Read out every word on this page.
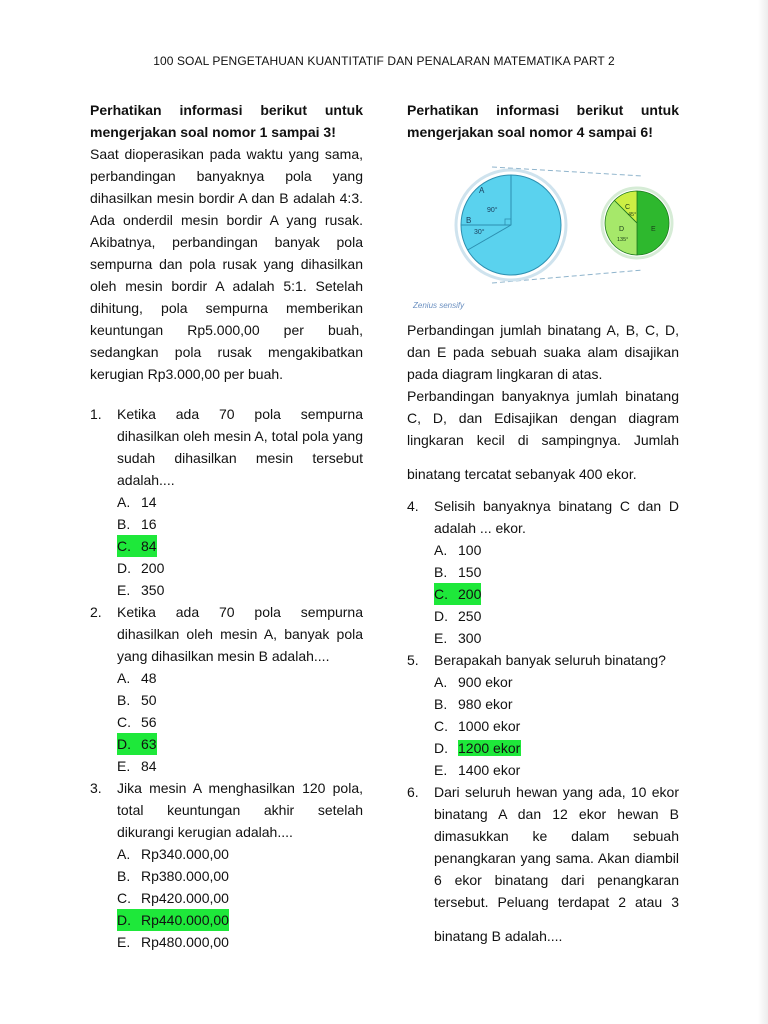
100 SOAL PENGETAHUAN KUANTITATIF DAN PENALARAN MATEMATIKA PART 2
Perhatikan informasi berikut untuk mengerjakan soal nomor 1 sampai 3!
Saat dioperasikan pada waktu yang sama, perbandingan banyaknya pola yang dihasilkan mesin bordir A dan B adalah 4:3. Ada onderdil mesin bordir A yang rusak. Akibatnya, perbandingan banyak pola sempurna dan pola rusak yang dihasilkan oleh mesin bordir A adalah 5:1. Setelah dihitung, pola sempurna memberikan keuntungan Rp5.000,00 per buah, sedangkan pola rusak mengakibatkan kerugian Rp3.000,00 per buah.
1.	Ketika ada 70 pola sempurna dihasilkan oleh mesin A, total pola yang sudah dihasilkan mesin tersebut adalah....
A. 14
B. 16
C. 84
D. 200
E. 350
2.	Ketika ada 70 pola sempurna dihasilkan oleh mesin A, banyak pola yang dihasilkan mesin B adalah....
A. 48
B. 50
C. 56
D. 63
E. 84
3.	Jika mesin A menghasilkan 120 pola, total keuntungan akhir setelah dikurangi kerugian adalah....
A. Rp340.000,00
B. Rp380.000,00
C. Rp420.000,00
D. Rp440.000,00
E. Rp480.000,00
Perhatikan informasi berikut untuk mengerjakan soal nomor 4 sampai 6!
A
B
90°
30°
C
D	E
45°
135°
Zenius sensify
Perbandingan jumlah binatang A, B, C, D, dan E pada sebuah suaka alam disajikan pada diagram lingkaran di atas.
Perbandingan banyaknya jumlah binatang C, D, dan Edisajikan dengan diagram lingkaran kecil di sampingnya. Jumlah
binatang tercatat sebanyak 400 ekor.
4.	Selisih banyaknya binatang C dan D adalah ... ekor.
A. 100
B. 150
C. 200
D. 250
E. 300
5.	Berapakah banyak seluruh binatang?
A. 900 ekor
B. 980 ekor
C. 1000 ekor
D. 1200 ekor
E. 1400 ekor
6.	Dari seluruh hewan yang ada, 10 ekor binatang A dan 12 ekor hewan B dimasukkan ke dalam sebuah penangkaran yang sama. Akan diambil 6 ekor binatang dari penangkaran tersebut. Peluang terdapat 2 atau 3
binatang B adalah....
